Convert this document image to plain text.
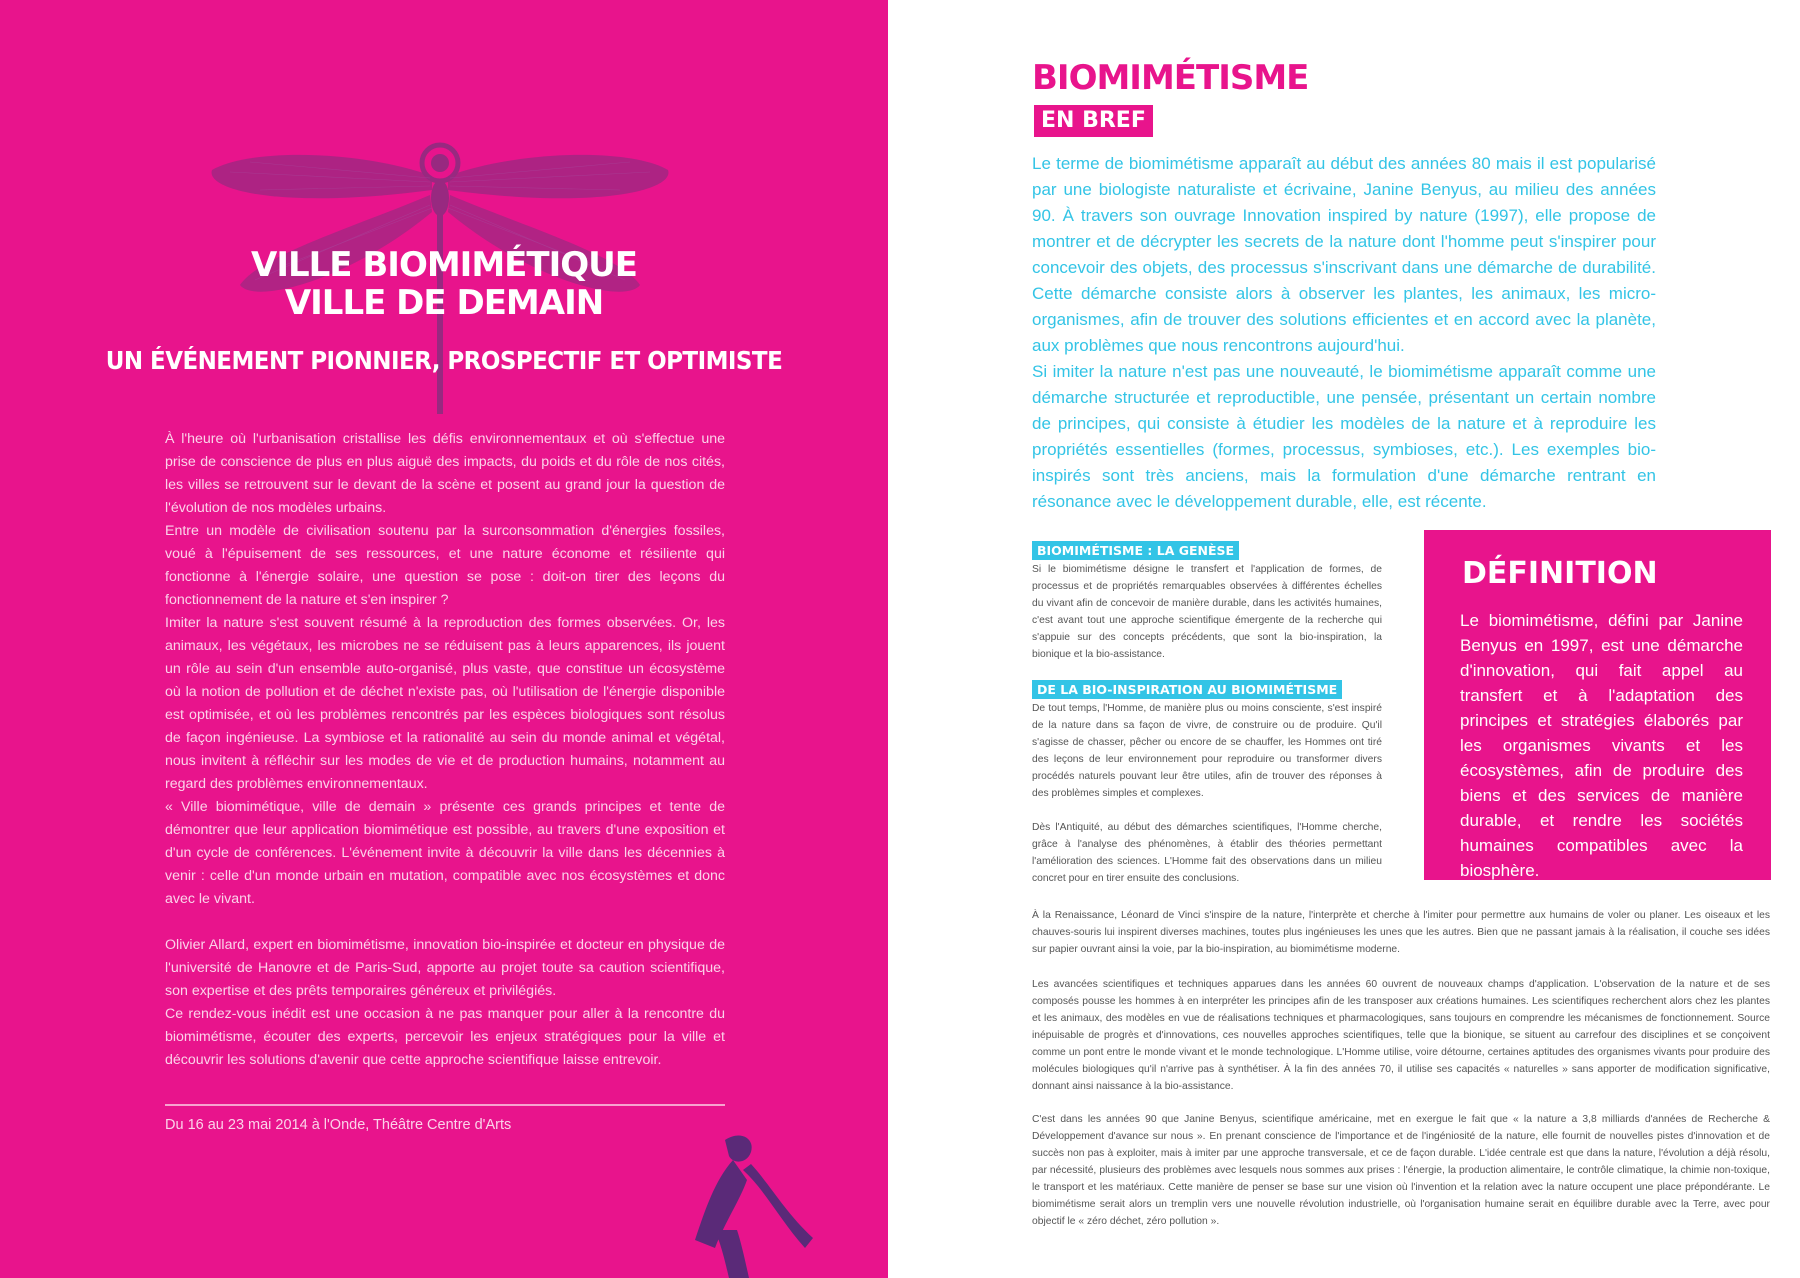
VILLE BIOMIMÉTIQUE

VILLE DE DEMAIN

UN ÉVÉNEMENT PIONNIER, PROSPECTIF ET OPTIMISTE

À l'heure où l'urbanisation cristallise les défis environnementaux et où s'effectue une prise de conscience de plus en plus aiguë des impacts, du poids et du rôle de nos cités, les villes se retrouvent sur le devant de la scène et posent au grand jour la question de l'évolution de nos modèles urbains.

Entre un modèle de civilisation soutenu par la surconsommation d'énergies fossiles, voué à l'épuisement de ses ressources, et une nature économe et résiliente qui fonctionne à l'énergie solaire, une question se pose : doit-on tirer des leçons du fonctionnement de la nature et s'en inspirer ?

Imiter la nature s'est souvent résumé à la reproduction des formes observées. Or, les animaux, les végétaux, les microbes ne se réduisent pas à leurs apparences, ils jouent un rôle au sein d'un ensemble auto-organisé, plus vaste, que constitue un écosystème où la notion de pollution et de déchet n'existe pas, où l'utilisation de l'énergie disponible est optimisée, et où les problèmes rencontrés par les espèces biologiques sont résolus de façon ingénieuse. La symbiose et la rationalité au sein du monde animal et végétal, nous invitent à réfléchir sur les modes de vie et de production humains, notamment au regard des problèmes environnementaux.

« Ville biomimétique, ville de demain » présente ces grands principes et tente de démontrer que leur application biomimétique est possible, au travers d'une exposition et d'un cycle de conférences. L'événement invite à découvrir la ville dans les décennies à venir : celle d'un monde urbain en mutation, compatible avec nos écosystèmes et donc avec le vivant.

Olivier Allard, expert en biomimétisme, innovation bio-inspirée et docteur en physique de l'université de Hanovre et de Paris-Sud, apporte au projet toute sa caution scientifique, son expertise et des prêts temporaires généreux et privilégiés.

Ce rendez-vous inédit est une occasion à ne pas manquer pour aller à la rencontre du biomimétisme, écouter des experts, percevoir les enjeux stratégiques pour la ville et découvrir les solutions d'avenir que cette approche scientifique laisse entrevoir.

Du 16 au 23 mai 2014 à l'Onde, Théâtre Centre d'Arts
BIOMIMÉTISME
EN BREF

Le terme de biomimétisme apparaît au début des années 80 mais il est popularisé par une biologiste naturaliste et écrivaine, Janine Benyus, au milieu des années 90. À travers son ouvrage Innovation inspired by nature (1997), elle propose de montrer et de décrypter les secrets de la nature dont l'homme peut s'inspirer pour concevoir des objets, des processus s'inscrivant dans une démarche de durabilité. Cette démarche consiste alors à observer les plantes, les animaux, les micro-organismes, afin de trouver des solutions efficientes et en accord avec la planète, aux problèmes que nous rencontrons aujourd'hui.

Si imiter la nature n'est pas une nouveauté, le biomimétisme apparaît comme une démarche structurée et reproductible, une pensée, présentant un certain nombre de principes, qui consiste à étudier les modèles de la nature et à reproduire les propriétés essentielles (formes, processus, symbioses, etc.). Les exemples bio-inspirés sont très anciens, mais la formulation d'une démarche rentrant en résonance avec le développement durable, elle, est récente.

BIOMIMÉTISME : LA GENÈSE

Si le biomimétisme désigne le transfert et l'application de formes, de processus et de propriétés remarquables observées à différentes échelles du vivant afin de concevoir de manière durable, dans les activités humaines, c'est avant tout une approche scientifique émergente de la recherche qui s'appuie sur des concepts précédents, que sont la bio-inspiration, la bionique et la bio-assistance.

DE LA BIO-INSPIRATION AU BIOMIMÉTISME

De tout temps, l'Homme, de manière plus ou moins consciente, s'est inspiré de la nature dans sa façon de vivre, de construire ou de produire. Qu'il s'agisse de chasser, pêcher ou encore de se chauffer, les Hommes ont tiré des leçons de leur environnement pour reproduire ou transformer divers procédés naturels pouvant leur être utiles, afin de trouver des réponses à des problèmes simples et complexes.

Dès l'Antiquité, au début des démarches scientifiques, l'Homme cherche, grâce à l'analyse des phénomènes, à établir des théories permettant l'amélioration des sciences. L'Homme fait des observations dans un milieu concret pour en tirer ensuite des conclusions.

DÉFINITION
Le biomimétisme, défini par Janine Benyus en 1997, est une démarche d'innovation, qui fait appel au transfert et à l'adaptation des principes et stratégies élaborés par les organismes vivants et les écosystèmes, afin de produire des biens et des services de manière durable, et rendre les sociétés humaines compatibles avec la biosphère.

À la Renaissance, Léonard de Vinci s'inspire de la nature, l'interprète et cherche à l'imiter pour permettre aux humains de voler ou planer. Les oiseaux et les chauves-souris lui inspirent diverses machines, toutes plus ingénieuses les unes que les autres. Bien que ne passant jamais à la réalisation, il couche ses idées sur papier ouvrant ainsi la voie, par la bio-inspiration, au biomimétisme moderne.

Les avancées scientifiques et techniques apparues dans les années 60 ouvrent de nouveaux champs d'application. L'observation de la nature et de ses composés pousse les hommes à en interpréter les principes afin de les transposer aux créations humaines. Les scientifiques recherchent alors chez les plantes et les animaux, des modèles en vue de réalisations techniques et pharmacologiques, sans toujours en comprendre les mécanismes de fonctionnement. Source inépuisable de progrès et d'innovations, ces nouvelles approches scientifiques, telle que la bionique, se situent au carrefour des disciplines et se conçoivent comme un pont entre le monde vivant et le monde technologique. L'Homme utilise, voire détourne, certaines aptitudes des organismes vivants pour produire des molécules biologiques qu'il n'arrive pas à synthétiser. À la fin des années 70, il utilise ses capacités « naturelles » sans apporter de modification significative, donnant ainsi naissance à la bio-assistance.

C'est dans les années 90 que Janine Benyus, scientifique américaine, met en exergue le fait que « la nature a 3,8 milliards d'années de Recherche & Développement d'avance sur nous ». En prenant conscience de l'importance et de l'ingéniosité de la nature, elle fournit de nouvelles pistes d'innovation et de succès non pas à exploiter, mais à imiter par une approche transversale, et ce de façon durable. L'idée centrale est que dans la nature, l'évolution a déjà résolu, par nécessité, plusieurs des problèmes avec lesquels nous sommes aux prises : l'énergie, la production alimentaire, le contrôle climatique, la chimie non-toxique, le transport et les matériaux. Cette manière de penser se base sur une vision où l'invention et la relation avec la nature occupent une place prépondérante. Le biomimétisme serait alors un tremplin vers une nouvelle révolution industrielle, où l'organisation humaine serait en équilibre durable avec la Terre, avec pour objectif le « zéro déchet, zéro pollution ».
